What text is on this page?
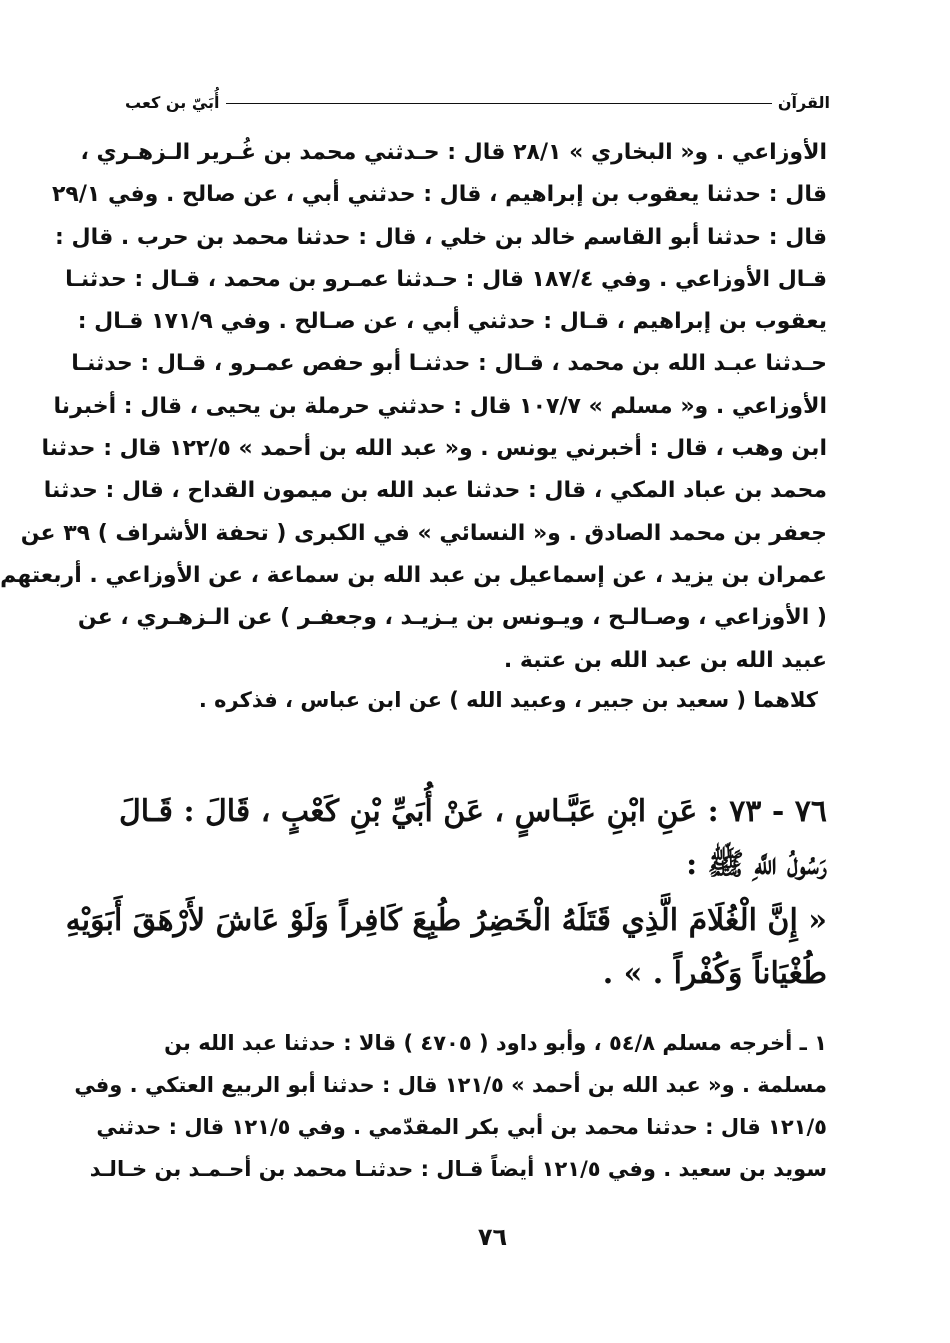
القرآن
أُبَيّ بن كعب

الأوزاعي . و« البخاري » ٢٨/١ قال : حـدثني محمد بن غُـرير الـزهـري ،

قال : حدثنا يعقوب بن إبراهيم ، قال : حدثني أبي ، عن صالح . وفي ٢٩/١

قال : حدثنا أبو القاسم خالد بن خلي ، قال : حدثنا محمد بن حرب . قال :

قـال الأوزاعي . وفي ١٨٧/٤ قال : حـدثنا عمـرو بن محمد ، قـال : حدثنـا

يعقوب بن إبراهيم ، قـال : حدثني أبي ، عن صـالح . وفي ١٧١/٩ قـال :

حـدثنا عبـد الله بن محمد ، قـال : حدثنـا أبو حفص عمـرو ، قـال : حدثنـا

الأوزاعي . و« مسلم » ١٠٧/٧ قال : حدثني حرملة بن يحيى ، قال : أخبرنا

ابن وهب ، قال : أخبرني يونس . و« عبد الله بن أحمد » ١٢٢/٥ قال : حدثنا

محمد بن عباد المكي ، قال : حدثنا عبد الله بن ميمون القداح ، قال : حدثنا

جعفر بن محمد الصادق . و« النسائي » في الكبرى ( تحفة الأشراف ) ٣٩ عن

عمران بن يزيد ، عن إسماعيل بن عبد الله بن سماعة ، عن الأوزاعي . أربعتهم

( الأوزاعي ، وصـالـح ، ويـونس بن يـزيـد ، وجعفـر ) عن الـزهـري ، عن

عبيد الله بن عبد الله بن عتبة .

كلاهما ( سعيد بن جبير ، وعبيد الله ) عن ابن عباس ، فذكره .

٧٦ - ٧٣ : عَنِ ابْنِ عَبَّـاسٍ ، عَنْ أُبَيِّ بْنِ كَعْبٍ ، قَالَ : قَـالَ

رَسُولُ اللَّهِ ﷺ :

« إِنَّ الْغُلَامَ الَّذِي قَتَلَهُ الْخَضِرُ طُبِعَ كَافِراً وَلَوْ عَاشَ لأَرْهَقَ أَبَوَيْهِ

طُغْيَاناً وَكُفْراً . » .

١ ـ أخرجه مسلم ٥٤/٨ ، وأبو داود ( ٤٧٠٥ ) قالا : حدثنا عبد الله بن

مسلمة . و« عبد الله بن أحمد » ١٢١/٥ قال : حدثنا أبو الربيع العتكي . وفي

١٢١/٥ قال : حدثنا محمد بن أبي بكر المقدّمي . وفي ١٢١/٥ قال : حدثني

سويد بن سعيد . وفي ١٢١/٥ أيضاً قـال : حدثنـا محمد بن أحـمـد بن خـالـد

٧٦
